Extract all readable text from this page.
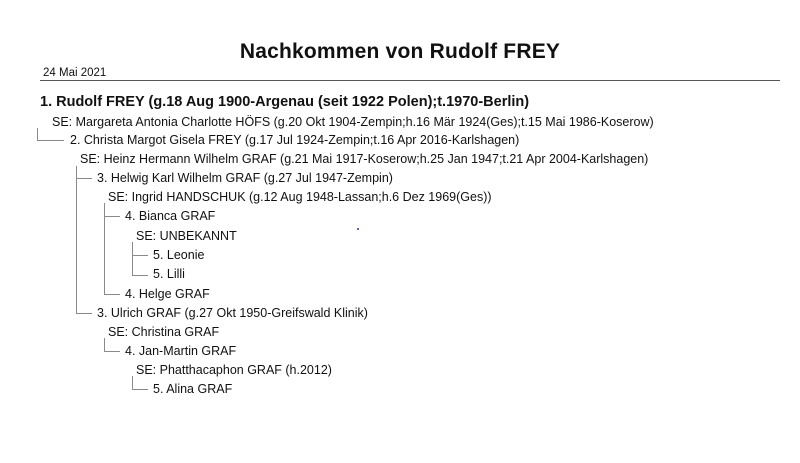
Nachkommen von Rudolf FREY
24 Mai 2021
1. Rudolf FREY (g.18 Aug 1900-Argenau (seit 1922 Polen);t.1970-Berlin)
SE: Margareta Antonia Charlotte HÖFS (g.20 Okt 1904-Zempin;h.16 Mär 1924(Ges);t.15 Mai 1986-Koserow)
2. Christa Margot Gisela FREY (g.17 Jul 1924-Zempin;t.16 Apr 2016-Karlshagen)
SE: Heinz Hermann Wilhelm GRAF (g.21 Mai 1917-Koserow;h.25 Jan 1947;t.21 Apr 2004-Karlshagen)
3. Helwig Karl Wilhelm GRAF (g.27 Jul 1947-Zempin)
SE: Ingrid HANDSCHUK (g.12 Aug 1948-Lassan;h.6 Dez 1969(Ges))
4. Bianca GRAF
SE: UNBEKANNT
5. Leonie
5. Lilli
4. Helge GRAF
3. Ulrich GRAF (g.27 Okt 1950-Greifswald Klinik)
SE: Christina GRAF
4. Jan-Martin GRAF
SE: Phatthacaphon GRAF (h.2012)
5. Alina GRAF
